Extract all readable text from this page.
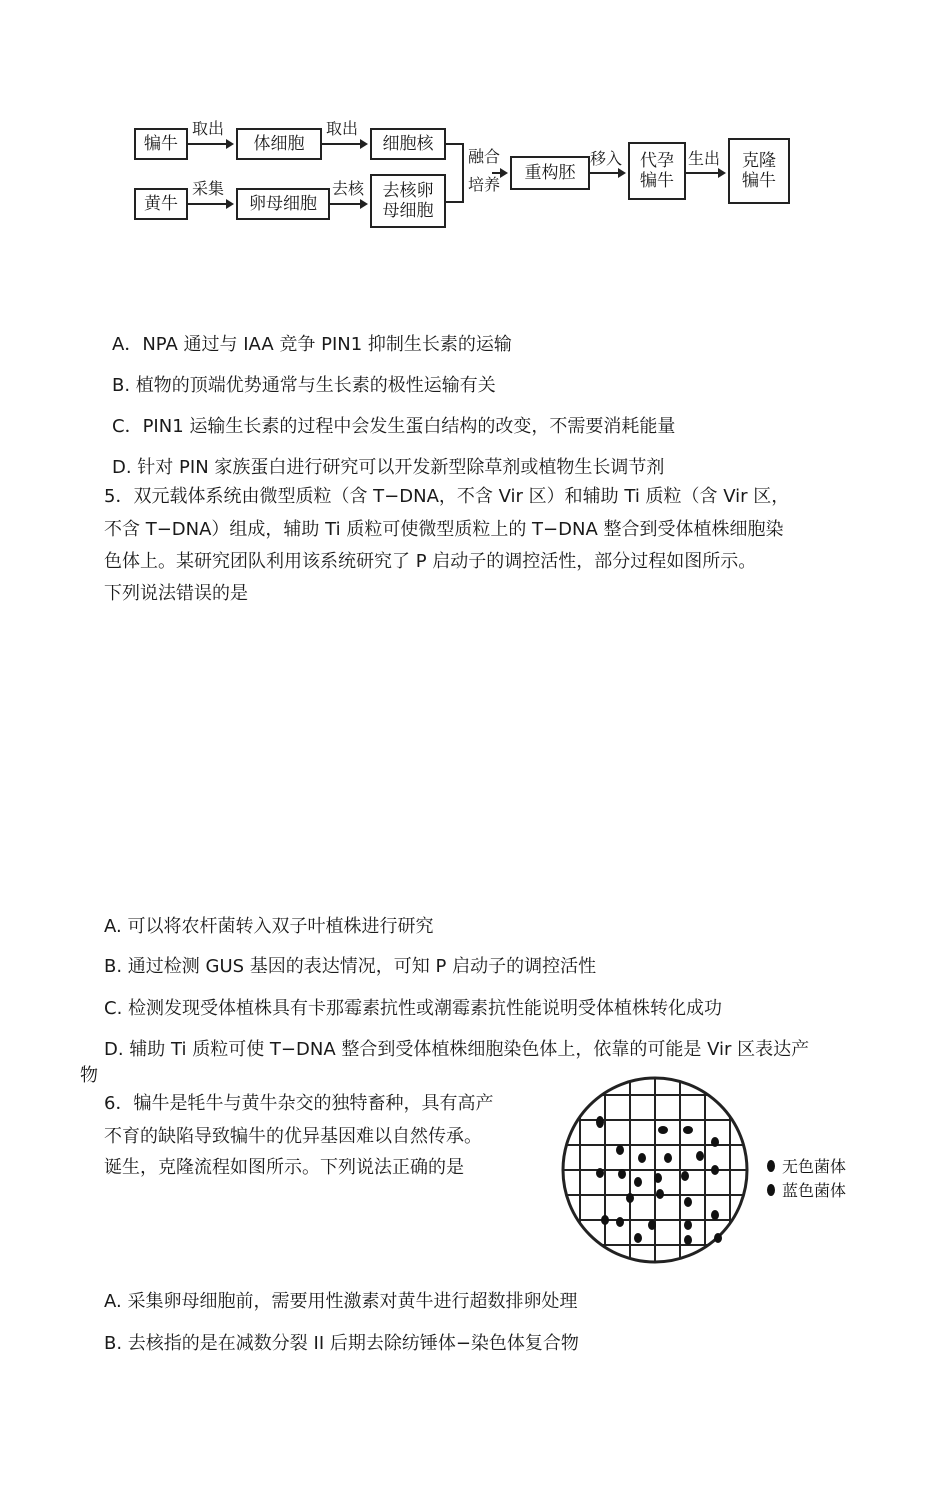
犏牛	体细胞	细胞核
黄牛	卵母细胞
去核卵
母细胞
重构胚
代孕
犏牛
克隆
犏牛
取出	取出
采集	去核
融合
培养
移入	生出
A．NPA 通过与 IAA 竞争 PIN1 抑制生长素的运输
B. 植物的顶端优势通常与生长素的极性运输有关
C．PIN1 运输生长素的过程中会发生蛋白结构的改变，不需要消耗能量
D. 针对 PIN 家族蛋白进行研究可以开发新型除草剂或植物生长调节剂
5．双元载体系统由微型质粒（含 T−DNA，不含 Vir 区）和辅助 Ti 质粒（含 Vir 区，
不含 T−DNA）组成，辅助 Ti 质粒可使微型质粒上的 T−DNA 整合到受体植株细胞染
色体上。某研究团队利用该系统研究了 P 启动子的调控活性，部分过程如图所示。
下列说法错误的是
A. 可以将农杆菌转入双子叶植株进行研究
B. 通过检测 GUS 基因的表达情况，可知 P 启动子的调控活性
C. 检测发现受体植株具有卡那霉素抗性或潮霉素抗性能说明受体植株转化成功
D. 辅助 Ti 质粒可使 T−DNA 整合到受体植株细胞染色体上，依靠的可能是 Vir 区表达产
物
6．犏牛是牦牛与黄牛杂交的独特畜种，具有高产
不育的缺陷导致犏牛的优异基因难以自然传承。
诞生，克隆流程如图所示。下列说法正确的是	无色菌体
蓝色菌体
A. 采集卵母细胞前，需要用性激素对黄牛进行超数排卵处理
B. 去核指的是在减数分裂 II 后期去除纺锤体−染色体复合物
